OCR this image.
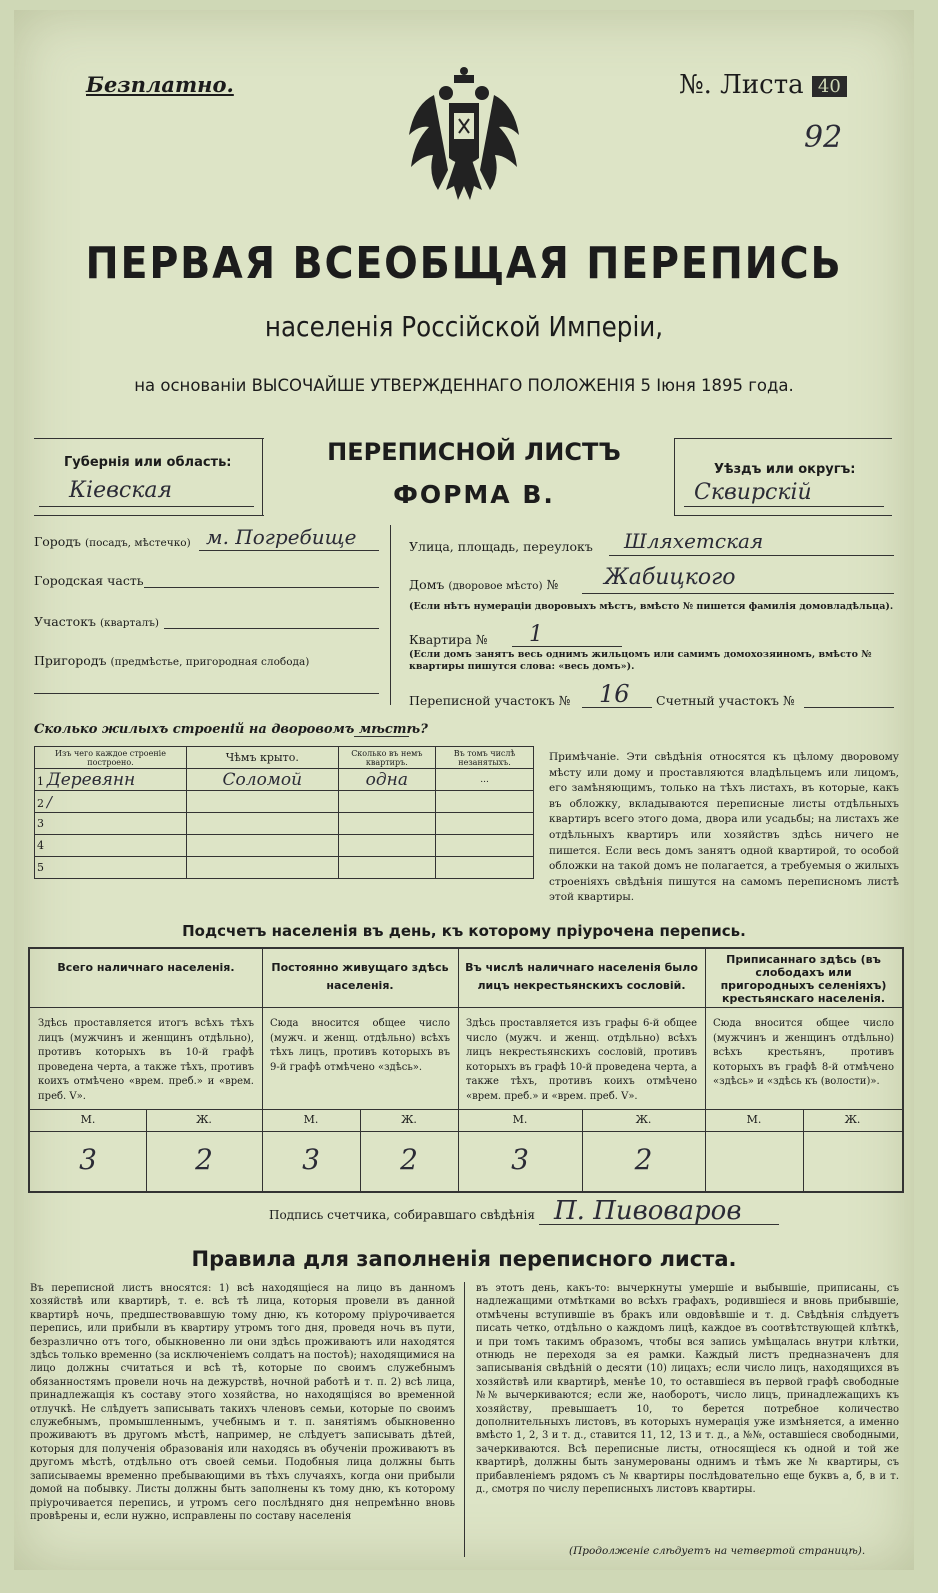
Безплатно.	№. Листа 40
92
ПЕРВАЯ ВСЕОБЩАЯ ПЕРЕПИСЬ
населенія Россійской Имперіи,
на основаніи ВЫСОЧАЙШЕ УТВЕРЖДЕННАГО ПОЛОЖЕНІЯ 5 Іюня 1895 года.
Губернія или область:
Кіевская
ПЕРЕПИСНОЙ ЛИСТЪ
ФОРМА В.
Уѣздъ или округъ:
Сквирскій
Городъ (посадъ, мѣстечко) м. Погребище
Городская часть
Участокъ (кварталъ)
Пригородъ (предмѣстье, пригородная слобода)
Улица, площадь, переулокъ Шляхетская
Домъ (дворовое мѣсто) № Жабицкого
(Если нѣтъ нумераціи дворовыхъ мѣстъ, вмѣсто № пишется фамилія домовладѣльца).
Квартира № 1
(Если домъ занятъ весь однимъ жильцомъ или самимъ домохозяиномъ, вмѣсто № квартиры пишутся слова: «весь домъ»).
Переписной участокъ № 16 Счетный участокъ №
Сколько жилыхъ строеній на дворовомъ мѣстѣ?
Изъ чего каждое строеніе построено.	Чѣмъ крыто.	Сколько въ немъ квартиръ.	Въ томъ числѣ незанятыхъ.
1 Деревянн	Соломой	одна	...
2 /			
3			
4			
5			
Примѣчаніе. Эти свѣдѣнія относятся къ цѣлому дворовому мѣсту или дому и проставляются владѣльцемъ или лицомъ, его замѣняющимъ, только на тѣхъ листахъ, въ которые, какъ въ обложку, вкладываются переписные листы отдѣльныхъ квартиръ всего этого дома, двора или усадьбы; на листахъ же отдѣльныхъ квартиръ или хозяйствъ здѣсь ничего не пишется. Если весь домъ занятъ одной квартирой, то особой обложки на такой домъ не полагается, а требуемыя о жилыхъ строеніяхъ свѣдѣнія пишутся на самомъ переписномъ листѣ этой квартиры.
Подсчетъ населенія въ день, къ которому пріурочена перепись.
Всего наличнаго населенія.
Здѣсь проставляется итогъ всѣхъ тѣхъ лицъ (мужчинъ и женщинъ отдѣльно), противъ которыхъ въ 10-й графѣ проведена черта, а также тѣхъ, противъ коихъ отмѣчено «врем. преб.» и «врем. преб. V».
М.	Ж.
3	2
Постоянно живущаго здѣсь населенія.
Сюда вносится общее число (мужч. и женщ. отдѣльно) всѣхъ тѣхъ лицъ, противъ которыхъ въ 9-й графѣ отмѣчено «здѣсь».
М.	Ж.
3	2
Въ числѣ наличнаго населенія было лицъ некрестьянскихъ сословій.
Здѣсь проставляется изъ графы 6-й общее число (мужч. и женщ. отдѣльно) всѣхъ лицъ некрестьянскихъ сословій, противъ которыхъ въ графѣ 10-й проведена черта, а также тѣхъ, противъ коихъ отмѣчено «врем. преб.» и «врем. преб. V».
М.	Ж.
3	2
Приписаннаго здѣсь (въ слободахъ или пригородныхъ селеніяхъ) крестьянскаго населенія.
Сюда вносится общее число (мужчинъ и женщинъ отдѣльно) всѣхъ крестьянъ, противъ которыхъ въ графѣ 8-й отмѣчено «здѣсь» и «здѣсь къ (волости)».
М.	Ж.
Подпись счетчика, собиравшаго свѣдѣнія П. Пивоваров
Правила для заполненія переписного листа.
Въ переписной листъ вносятся: 1) всѣ находящіеся на лицо въ данномъ хозяйствѣ или квартирѣ, т. е. всѣ тѣ лица, которыя провели въ данной квартирѣ ночь, предшествовавшую тому дню, къ которому пріурочивается перепись, или прибыли въ квартиру утромъ того дня, проведя ночь въ пути, безразлично отъ того, обыкновенно ли они здѣсь проживаютъ или находятся здѣсь только временно (за исключеніемъ солдатъ на постоѣ); находящимися на лицо должны считаться и всѣ тѣ, которые по своимъ служебнымъ обязанностямъ провели ночь на дежурствѣ, ночной работѣ и т. п. 2) всѣ лица, принадлежащія къ составу этого хозяйства, но находящіяся во временной отлучкѣ. Не слѣдуетъ записывать такихъ членовъ семьи, которые по своимъ служебнымъ, промышленнымъ, учебнымъ и т. п. занятіямъ обыкновенно проживаютъ въ другомъ мѣстѣ, например, не слѣдуетъ записывать дѣтей, которыя для полученія образованія или находясь въ обученіи проживаютъ въ другомъ мѣстѣ, отдѣльно отъ своей семьи. Подобныя лица должны быть записываемы временно пребывающими въ тѣхъ случаяхъ, когда они прибыли домой на побывку. Листы должны быть заполнены къ тому дню, къ которому пріурочивается перепись, и утромъ сего послѣдняго дня непремѣнно вновь провѣрены и, если нужно, исправлены по составу населенія
въ этотъ день, какъ-то: вычеркнуты умершіе и выбывшіе, приписаны, съ надлежащими отмѣтками во всѣхъ графахъ, родившіеся и вновь прибывшіе, отмѣчены вступившіе въ бракъ или овдовѣвшіе и т. д. Свѣдѣнія слѣдуетъ писать четко, отдѣльно о каждомъ лицѣ, каждое въ соотвѣтствующей клѣткѣ, и при томъ такимъ образомъ, чтобы вся запись умѣщалась внутри клѣтки, отнюдь не переходя за ея рамки. Каждый листъ предназначенъ для записыванія свѣдѣній о десяти (10) лицахъ; если число лицъ, находящихся въ хозяйствѣ или квартирѣ, менѣе 10, то оставшіеся въ первой графѣ свободные №№ вычеркиваются; если же, наоборотъ, число лицъ, принадлежащихъ къ хозяйству, превышаетъ 10, то берется потребное количество дополнительныхъ листовъ, въ которыхъ нумерація уже измѣняется, а именно вмѣсто 1, 2, 3 и т. д., ставится 11, 12, 13 и т. д., а №№, оставшіеся свободными, зачеркиваются. Всѣ переписные листы, относящіеся къ одной и той же квартирѣ, должны быть занумерованы однимъ и тѣмъ же № квартиры, съ прибавленіемъ рядомъ съ № квартиры послѣдовательно еще буквъ а, б, в и т. д., смотря по числу переписныхъ листовъ квартиры.
(Продолженіе слѣдуетъ на четвертой страницѣ).
